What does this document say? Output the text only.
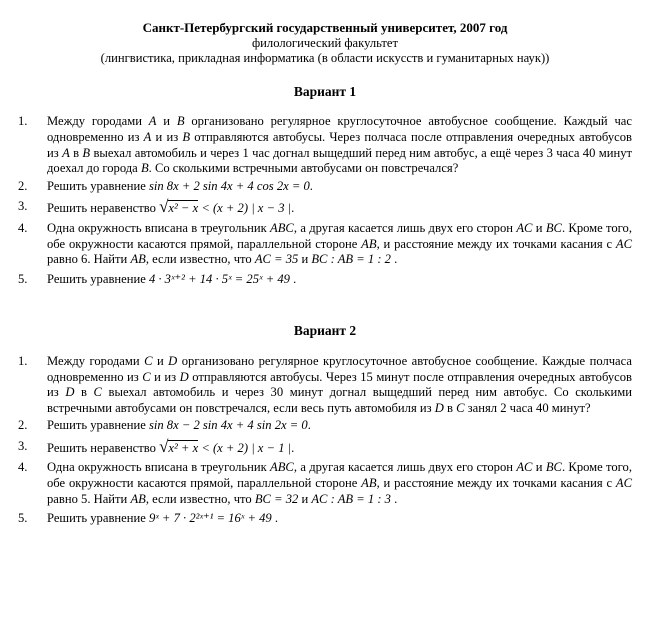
Санкт-Петербургский государственный университет, 2007 год
филологический факультет
(лингвистика, прикладная информатика (в области искусств и гуманитарных наук))
Вариант 1
1. Между городами A и B организовано регулярное круглосуточное автобусное сообщение. Каждый час одновременно из A и из B отправляются автобусы. Через полчаса после отправления очередных автобусов из A в B выехал автомобиль и через 1 час догнал выщедший перед ним автобус, а ещё через 3 часа 40 минут доехал до города B. Со сколькими встречными автобусами он повстречался?
2. Решить уравнение sin 8x + 2 sin 4x + 4 cos 2x = 0.
3. Решить неравенство √x² − x < (x + 2) | x − 3 |.
4. Одна окружность вписана в треугольник ABC, а другая касается лишь двух его сторон AC и BC. Кроме того, обе окружности касаются прямой, параллельной стороне AB, и расстояние между их точками касания с AC равно 6. Найти AB, если известно, что AC = 35 и BC : AB = 1 : 2 .
5. Решить уравнение 4 · 3ˣ⁺² + 14 · 5ˣ = 25ˣ + 49 .
Вариант 2
1. Между городами C и D организовано регулярное круглосуточное автобусное сообщение. Каждые полчаса одновременно из C и из D отправляются автобусы. Через 15 минут после отправления очередных автобусов из D в C выехал автомобиль и через 30 минут догнал выщедший перед ним автобус. Со сколькими встречными автобусами он повстречался, если весь путь автомобиля из D в C занял 2 часа 40 минут?
2. Решить уравнение sin 8x − 2 sin 4x + 4 sin 2x = 0.
3. Решить неравенство √x² + x < (x + 2) | x − 1 |.
4. Одна окружность вписана в треугольник ABC, а другая касается лишь двух его сторон AC и BC. Кроме того, обе окружности касаются прямой, параллельной стороне AB, и расстояние между их точками касания с AC равно 5. Найти AB, если известно, что BC = 32 и AC : AB = 1 : 3 .
5. Решить уравнение 9ˣ + 7 · 2²ˣ⁺¹ = 16ˣ + 49 .
